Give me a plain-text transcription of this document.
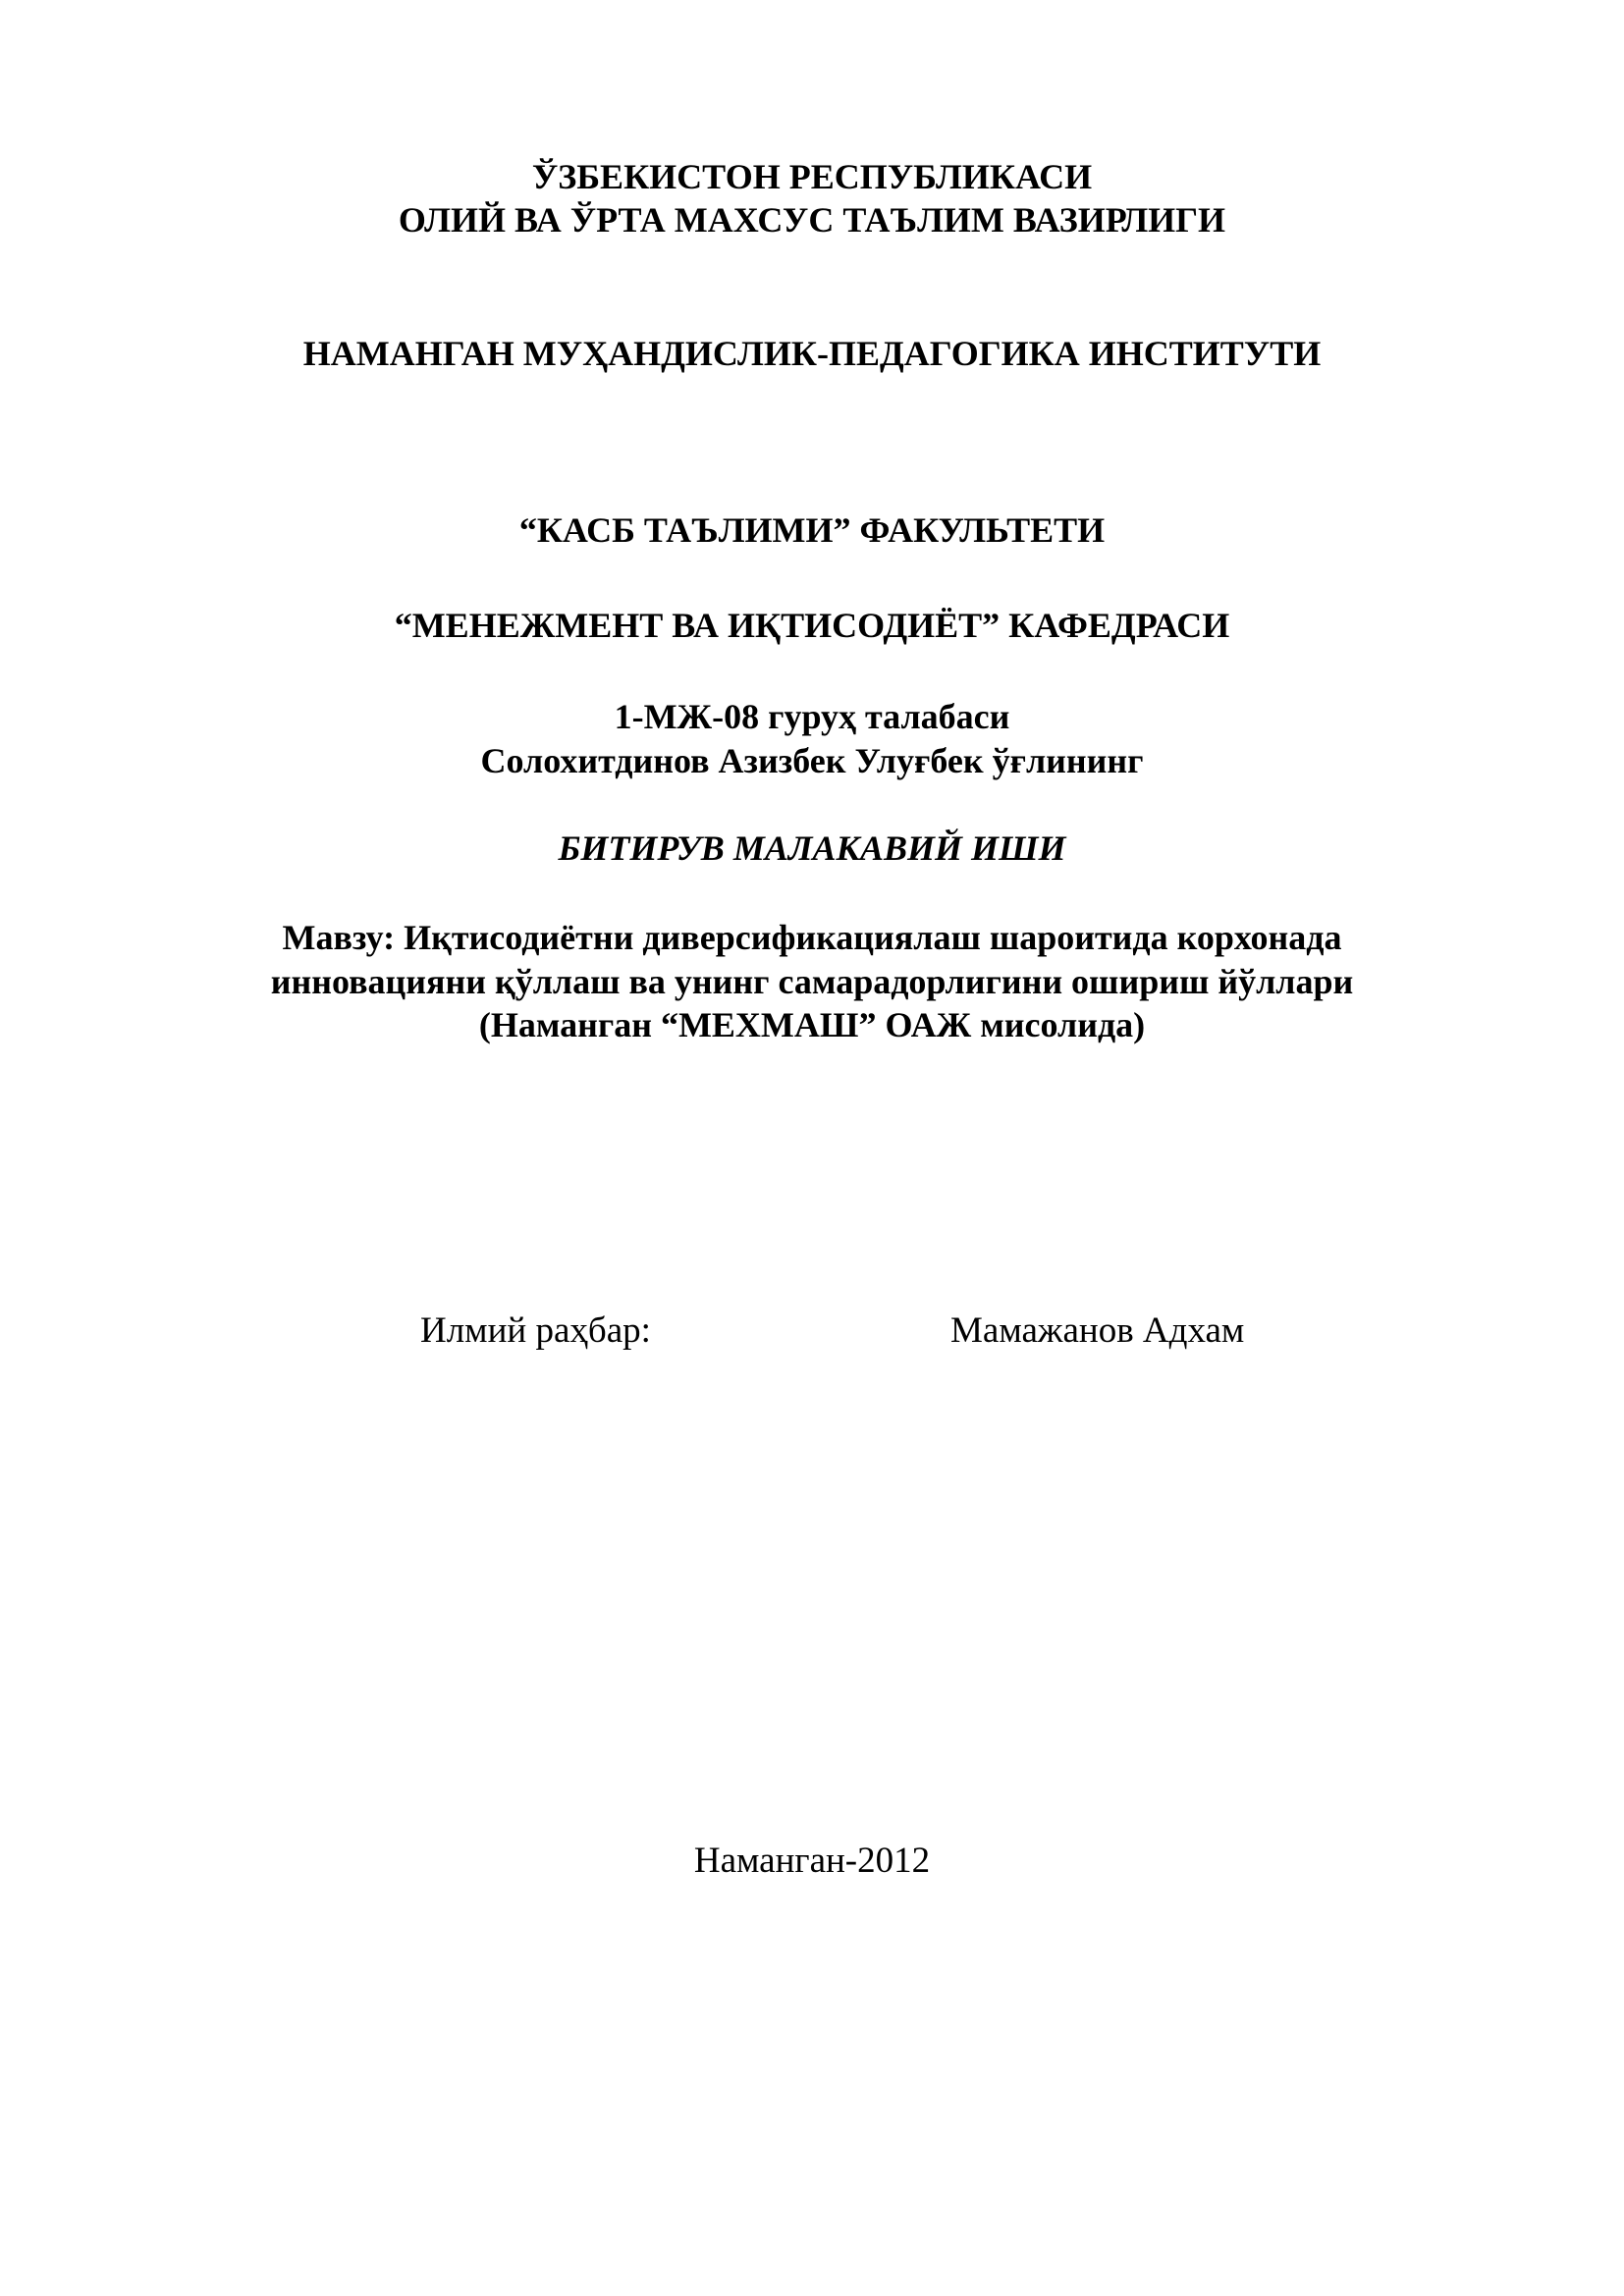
ЎЗБЕКИСТОН РЕСПУБЛИКАСИ
ОЛИЙ ВА ЎРТА МАХСУС ТАЪЛИМ ВАЗИРЛИГИ
НАМАНГАН МУҲАНДИСЛИК-ПЕДАГОГИКА ИНСТИТУТИ
“КАСБ ТАЪЛИМИ” ФАКУЛЬТЕТИ
“МЕНЕЖМЕНТ ВА ИҚТИСОДИЁТ” КАФЕДРАСИ
1-МЖ-08 гуруҳ талабаси
Солохитдинов Азизбек Улуғбек ўғлининг
БИТИРУВ МАЛАКАВИЙ ИШИ
Мавзу: Иқтисодиётни диверсификациялаш шароитида корхонада
инновацияни қўллаш ва унинг самарадорлигини ошириш йўллари
(Наманган “МЕХМАШ” ОАЖ мисолида)
Илмий раҳбар:	Мамажанов Адхам
Наманган-2012
